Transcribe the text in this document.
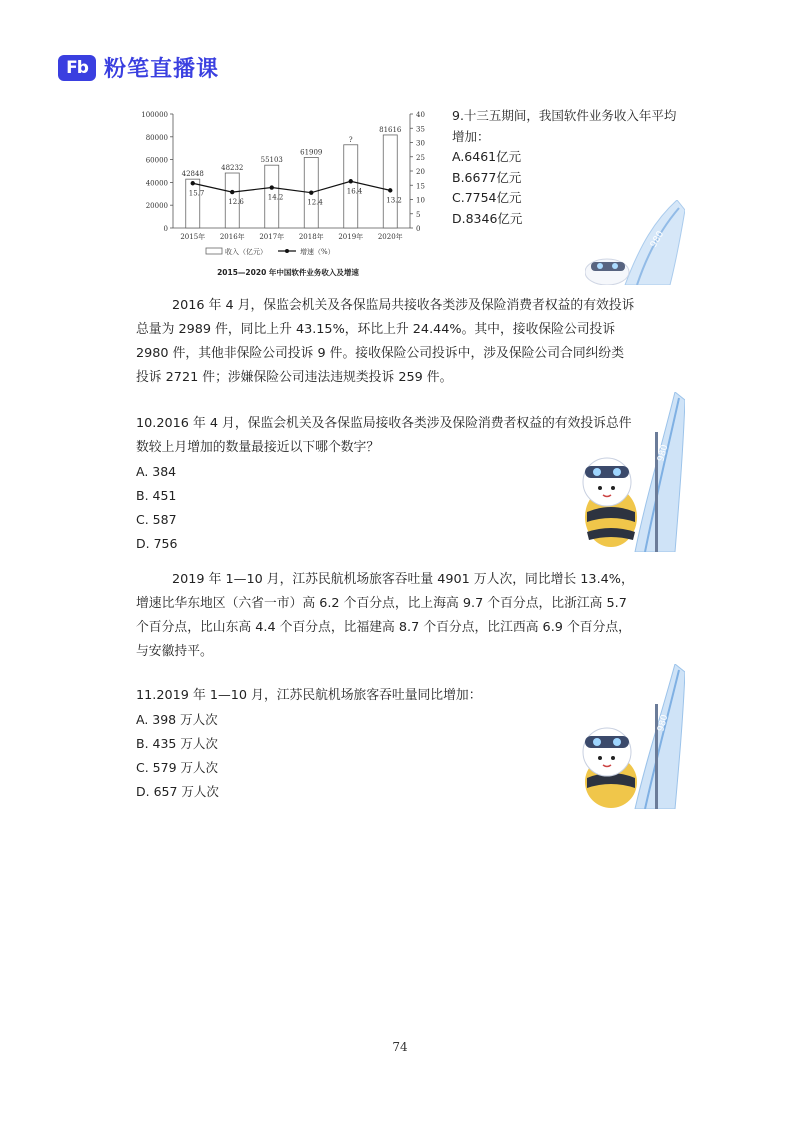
Fb 粉笔直播课
0
20000
40000
60000
80000
100000
0
5
10
15
20
25
30
35
40
42848
48232
55103
61909
?
81616
15.7
12.6
14.2
12.4
16.4
13.2
2015年 2016年 2017年 2018年 2019年 2020年
收入（亿元）	增速（%）
2015—2020 年中国软件业务收入及增速
9.十三五期间，我国软件业务收入年平均
增加：
A.6461亿元
B.6677亿元
C.7754亿元
D.8346亿元
980
2016 年 4 月，保监会机关及各保监局共接收各类涉及保险消费者权益的有效投诉
总量为 2989 件，同比上升 43.15%，环比上升 24.44%。其中，接收保险公司投诉
2980 件，其他非保险公司投诉 9 件。接收保险公司投诉中，涉及保险公司合同纠纷类
投诉 2721 件；涉嫌保险公司违法违规类投诉 259 件。
10.2016 年 4 月，保监会机关及各保监局接收各类涉及保险消费者权益的有效投诉总件
数较上月增加的数量最接近以下哪个数字？
A. 384
B. 451
C. 587
D. 756
980
2019 年 1—10 月，江苏民航机场旅客吞吐量 4901 万人次，同比增长 13.4%，
增速比华东地区（六省一市）高 6.2 个百分点，比上海高 9.7 个百分点，比浙江高 5.7
个百分点，比山东高 4.4 个百分点，比福建高 8.7 个百分点，比江西高 6.9 个百分点，
与安徽持平。
11.2019 年 1—10 月，江苏民航机场旅客吞吐量同比增加：
A. 398 万人次
B. 435 万人次
C. 579 万人次
D. 657 万人次
980
74
